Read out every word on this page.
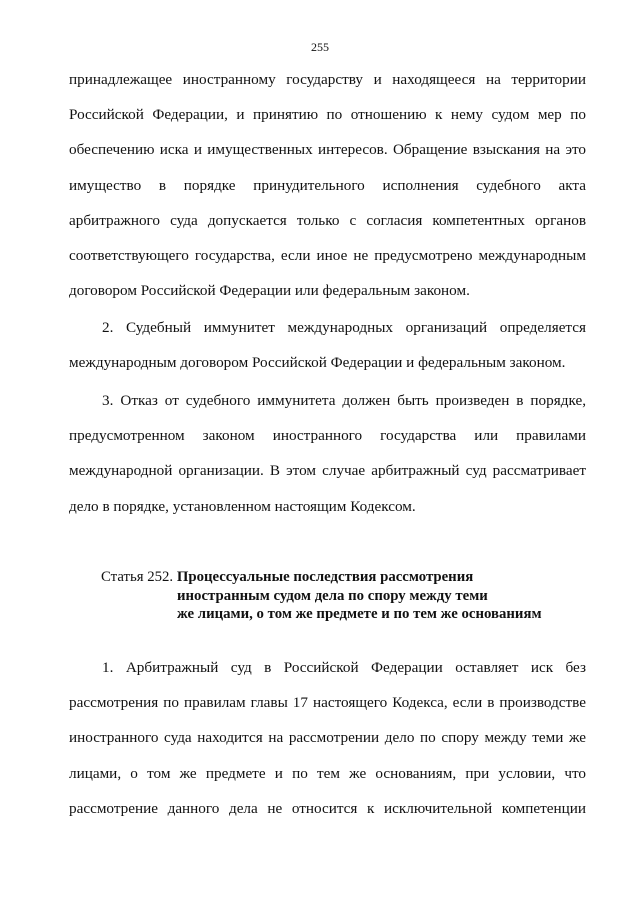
255
принадлежащее иностранному государству и находящееся на территории
Российской Федерации, и принятию по отношению к нему судом мер по
обеспечению иска и имущественных интересов. Обращение взыскания на это
имущество в порядке принудительного исполнения судебного акта
арбитражного суда допускается только с согласия компетентных органов
соответствующего государства, если иное не предусмотрено международным
договором Российской Федерации или федеральным законом.
2. Судебный иммунитет международных организаций определяется
международным договором Российской Федерации и федеральным законом.
3. Отказ от судебного иммунитета должен быть произведен в порядке,
предусмотренном законом иностранного государства или правилами
международной организации. В этом случае арбитражный суд рассматривает
дело в порядке, установленном настоящим Кодексом.
Статья 252. Процессуальные последствия рассмотрения
иностранным судом дела по спору между теми
же лицами, о том же предмете и по тем же основаниям
1. Арбитражный суд в Российской Федерации оставляет иск без
рассмотрения по правилам главы 17 настоящего Кодекса, если в производстве
иностранного суда находится на рассмотрении дело по спору между теми же
лицами, о том же предмете и по тем же основаниям, при условии, что
рассмотрение данного дела не относится к исключительной компетенции
